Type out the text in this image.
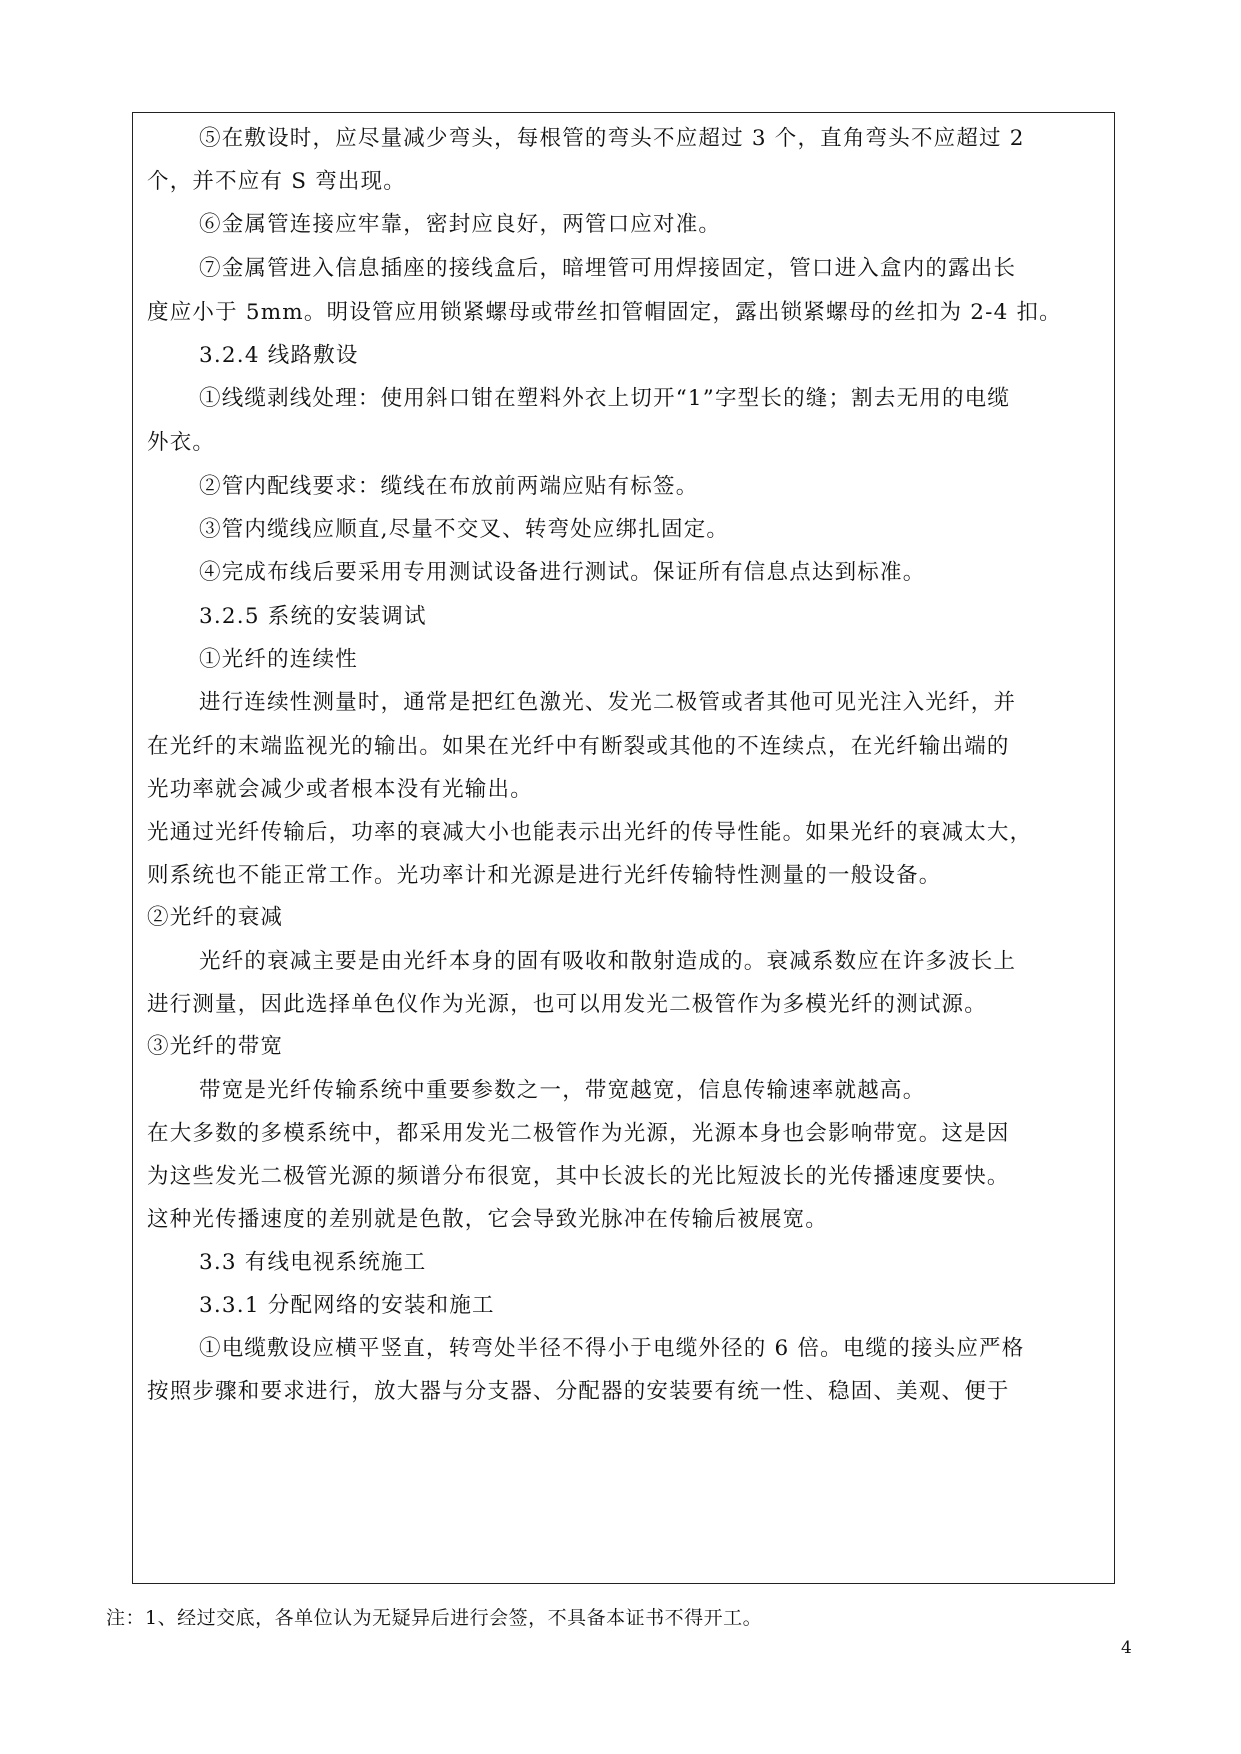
⑤在敷设时，应尽量减少弯头，每根管的弯头不应超过 3 个，直角弯头不应超过 2
个，并不应有 S 弯出现。
⑥金属管连接应牢靠，密封应良好，两管口应对准。
⑦金属管进入信息插座的接线盒后，暗埋管可用焊接固定，管口进入盒内的露出长
度应小于 5mm。明设管应用锁紧螺母或带丝扣管帽固定，露出锁紧螺母的丝扣为 2-4 扣。
3.2.4 线路敷设
①线缆剥线处理：使用斜口钳在塑料外衣上切开“1”字型长的缝；割去无用的电缆
外衣。
②管内配线要求：缆线在布放前两端应贴有标签。
③管内缆线应顺直,尽量不交叉、转弯处应绑扎固定。
④完成布线后要采用专用测试设备进行测试。保证所有信息点达到标准。
3.2.5 系统的安装调试
①光纤的连续性
进行连续性测量时，通常是把红色激光、发光二极管或者其他可见光注入光纤，并
在光纤的末端监视光的输出。如果在光纤中有断裂或其他的不连续点，在光纤输出端的
光功率就会减少或者根本没有光输出。
光通过光纤传输后，功率的衰减大小也能表示出光纤的传导性能。如果光纤的衰减太大，
则系统也不能正常工作。光功率计和光源是进行光纤传输特性测量的一般设备。
②光纤的衰减
光纤的衰减主要是由光纤本身的固有吸收和散射造成的。衰减系数应在许多波长上
进行测量，因此选择单色仪作为光源，也可以用发光二极管作为多模光纤的测试源。
③光纤的带宽
带宽是光纤传输系统中重要参数之一，带宽越宽，信息传输速率就越高。
在大多数的多模系统中，都采用发光二极管作为光源，光源本身也会影响带宽。这是因
为这些发光二极管光源的频谱分布很宽，其中长波长的光比短波长的光传播速度要快。
这种光传播速度的差别就是色散，它会导致光脉冲在传输后被展宽。
3.3 有线电视系统施工
3.3.1 分配网络的安装和施工
①电缆敷设应横平竖直，转弯处半径不得小于电缆外径的 6 倍。电缆的接头应严格
按照步骤和要求进行，放大器与分支器、分配器的安装要有统一性、稳固、美观、便于
注：1、经过交底，各单位认为无疑异后进行会签，不具备本证书不得开工。
4
